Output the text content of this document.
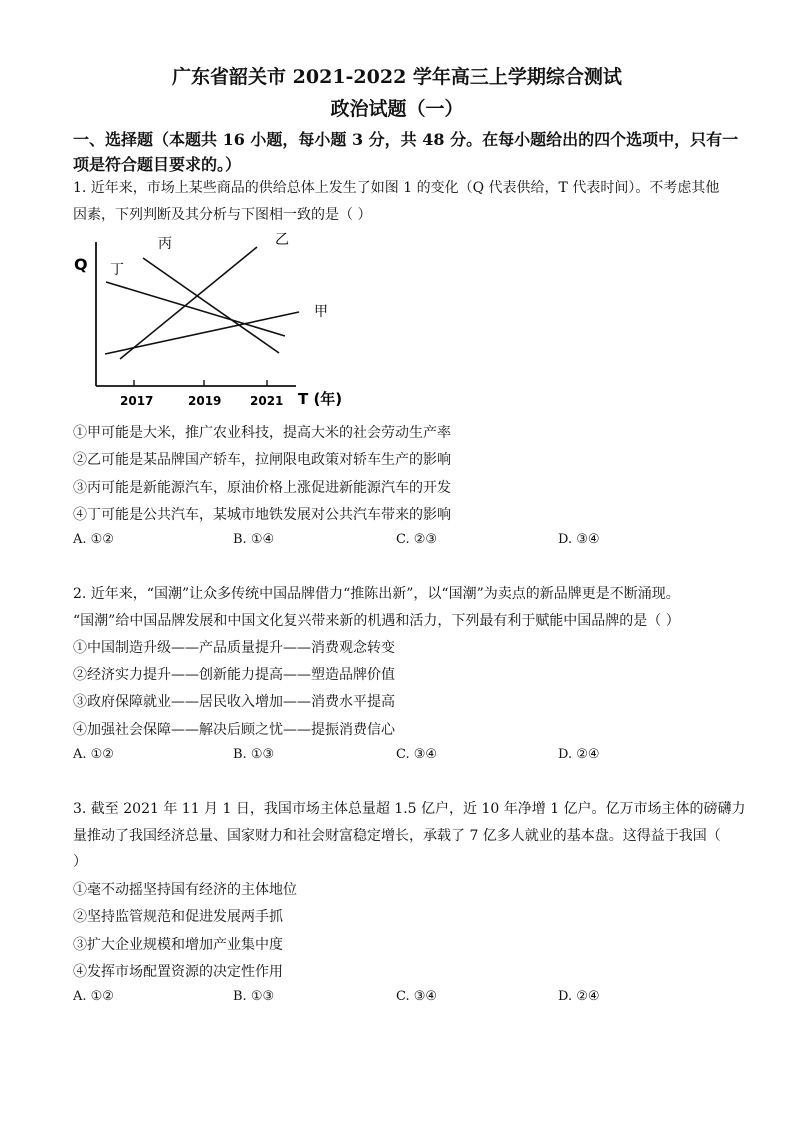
广东省韶关市 2021-2022 学年高三上学期综合测试
政治试题（一）
一、选择题（本题共 16 小题，每小题 3 分，共 48 分。在每小题给出的四个选项中，只有一
项是符合题目要求的。）
1. 近年来，市场上某些商品的供给总体上发生了如图 1 的变化（Q 代表供给，T 代表时间）。不考虑其他
因素，下列判断及其分析与下图相一致的是（ ）
Q
T (年)
2017	2019 2021
甲
乙
丙
丁
①甲可能是大米，推广农业科技，提高大米的社会劳动生产率
②乙可能是某品牌国产轿车，拉闸限电政策对轿车生产的影响
③丙可能是新能源汽车，原油价格上涨促进新能源汽车的开发
④丁可能是公共汽车，某城市地铁发展对公共汽车带来的影响
A. ①②	B. ①④	C. ②③	D. ③④
2. 近年来，“国潮”让众多传统中国品牌借力“推陈出新”，以“国潮”为卖点的新品牌更是不断涌现。
“国潮”给中国品牌发展和中国文化复兴带来新的机遇和活力，下列最有利于赋能中国品牌的是（ ）
①中国制造升级——产品质量提升——消费观念转变
②经济实力提升——创新能力提高——塑造品牌价值
③政府保障就业——居民收入增加——消费水平提高
④加强社会保障——解决后顾之忧——提振消费信心
A. ①②	B. ①③	C. ③④	D. ②④
3. 截至 2021 年 11 月 1 日，我国市场主体总量超 1.5 亿户，近 10 年净增 1 亿户。亿万市场主体的磅礴力
量推动了我国经济总量、国家财力和社会财富稳定增长，承载了 7 亿多人就业的基本盘。这得益于我国（
）
①毫不动摇坚持国有经济的主体地位
②坚持监管规范和促进发展两手抓
③扩大企业规模和增加产业集中度
④发挥市场配置资源的决定性作用
A. ①②	B. ①③	C. ③④	D. ②④
